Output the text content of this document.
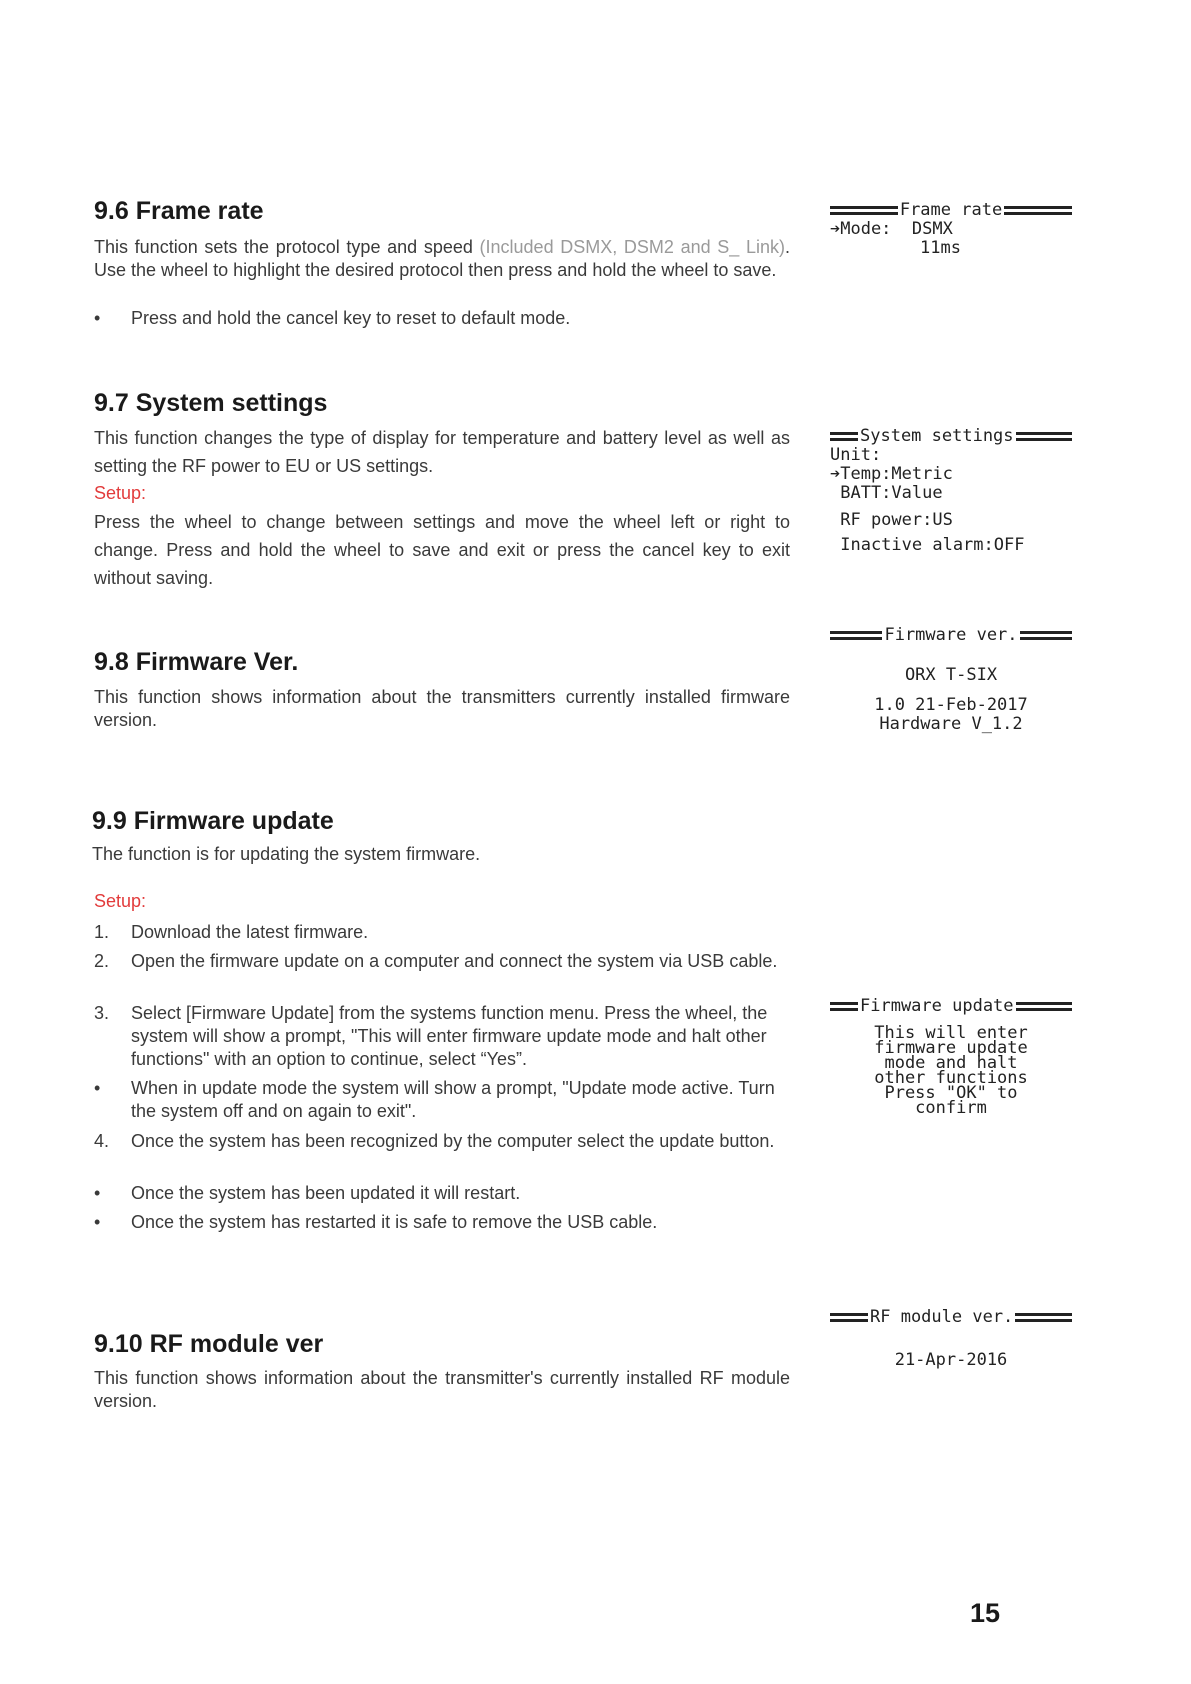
9.6 Frame rate

This function sets the protocol type and speed (Included DSMX, DSM2 and S_ Link). Use the wheel to highlight the desired protocol then press and hold the wheel to save.

•	Press and hold the cancel key to reset to default mode.
Frame rate
➔Mode:  DSMX
11ms
9.7 System settings

This function changes the type of display for temperature and battery level as well as setting the RF power to EU or US settings.

Setup:

Press the wheel to change between settings and move the wheel left or right to change. Press and hold the wheel to save and exit or press the cancel key to exit without saving.

System settings
Unit:
➔Temp:Metric
BATT:Value
RF power:US
Inactive alarm:OFF
9.8 Firmware Ver.

This function shows information about the transmitters currently installed firmware version.

Firmware ver.
ORX T-SIX
1.0 21-Feb-2017
Hardware V_1.2
9.9 Firmware update

The function is for updating the system firmware.

Setup:

1.	Download the latest firmware.
2.	Open the firmware update on a computer and connect the system via USB cable.
3.	Select [Firmware Update] from the systems function menu. Press the wheel, the system will show a prompt, "This will enter firmware update mode and halt other functions" with an option to continue, select “Yes”.
•	When in update mode the system will show a prompt, "Update mode active. Turn the system off and on again to exit".
4.	Once the system has been recognized by the computer select the update button.
•	Once the system has been updated it will restart.
•	Once the system has restarted it is safe to remove the USB cable.
Firmware update
This will enter
firmware update
mode and halt
other functions
Press "OK" to
confirm
9.10 RF module ver

This function shows information about the transmitter's currently installed RF module version.

RF module ver.
21-Apr-2016
15
